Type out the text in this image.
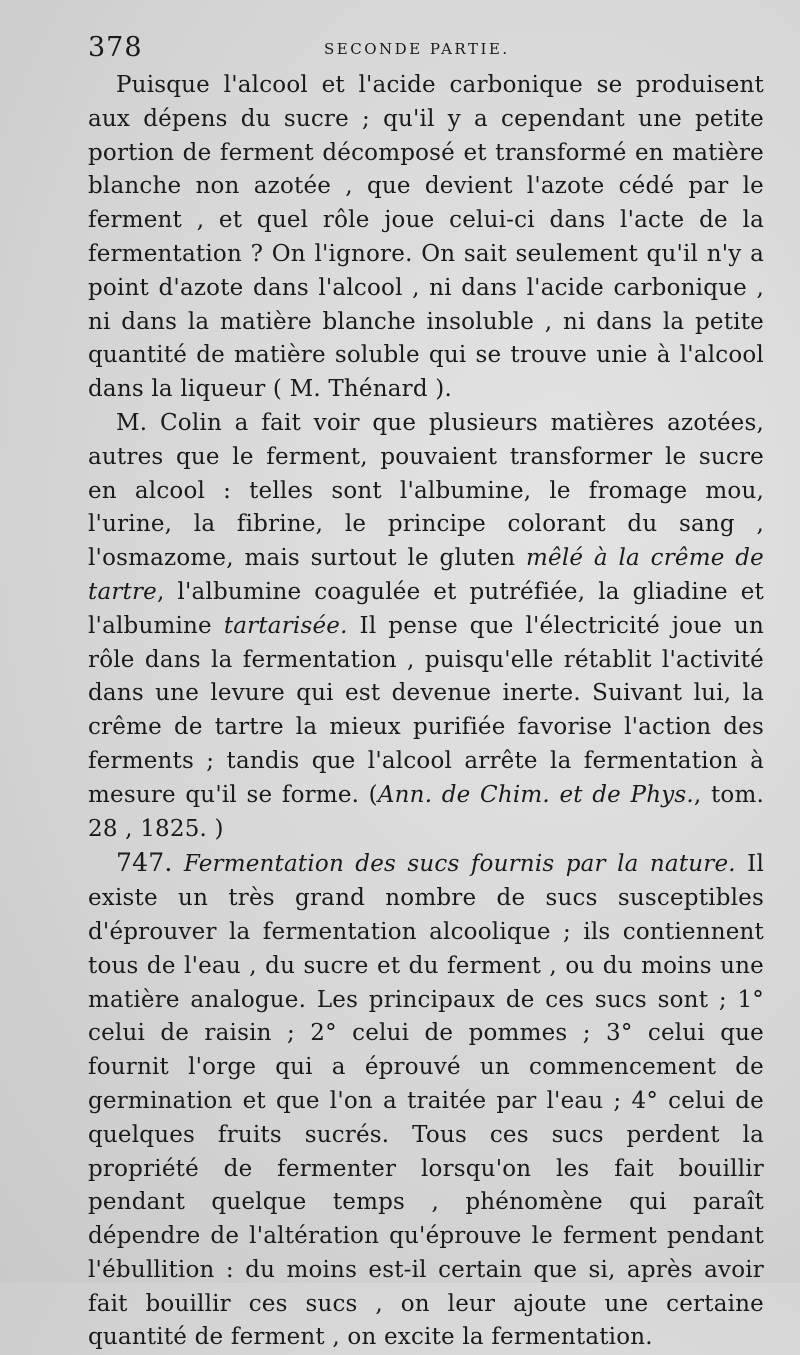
378	SECONDE PARTIE.

Puisque l'alcool et l'acide carbonique se produisent aux dépens du sucre ; qu'il y a cependant une petite portion de ferment décomposé et transformé en matière blanche non azotée , que devient l'azote cédé par le ferment , et quel rôle joue celui-ci dans l'acte de la fermentation ? On l'ignore. On sait seulement qu'il n'y a point d'azote dans l'alcool , ni dans l'acide carbonique , ni dans la matière blanche insoluble , ni dans la petite quantité de matière soluble qui se trouve unie à l'alcool dans la liqueur ( M. Thénard ).

M. Colin a fait voir que plusieurs matières azotées, autres que le ferment, pouvaient transformer le sucre en alcool : telles sont l'albumine, le fromage mou, l'urine, la fibrine, le principe colorant du sang , l'osmazome, mais surtout le gluten mêlé à la crême de tartre, l'albumine coagulée et putréfiée, la gliadine et l'albumine tartarisée. Il pense que l'électricité joue un rôle dans la fermentation , puisqu'elle rétablit l'activité dans une levure qui est devenue inerte. Suivant lui, la crême de tartre la mieux purifiée favorise l'action des ferments ; tandis que l'alcool arrête la fermentation à mesure qu'il se forme. (Ann. de Chim. et de Phys., tom. 28 , 1825. )

747. Fermentation des sucs fournis par la nature. Il existe un très grand nombre de sucs susceptibles d'éprouver la fermentation alcoolique ; ils contiennent tous de l'eau , du sucre et du ferment , ou du moins une matière analogue. Les principaux de ces sucs sont ; 1° celui de raisin ; 2° celui de pommes ; 3° celui que fournit l'orge qui a éprouvé un commencement de germination et que l'on a traitée par l'eau ; 4° celui de quelques fruits sucrés. Tous ces sucs perdent la propriété de fermenter lorsqu'on les fait bouillir pendant quelque temps , phénomène qui paraît dépendre de l'altération qu'éprouve le ferment pendant l'ébullition : du moins est-il certain que si, après avoir fait bouillir ces sucs , on leur ajoute une certaine quantité de ferment , on excite la fermentation.
